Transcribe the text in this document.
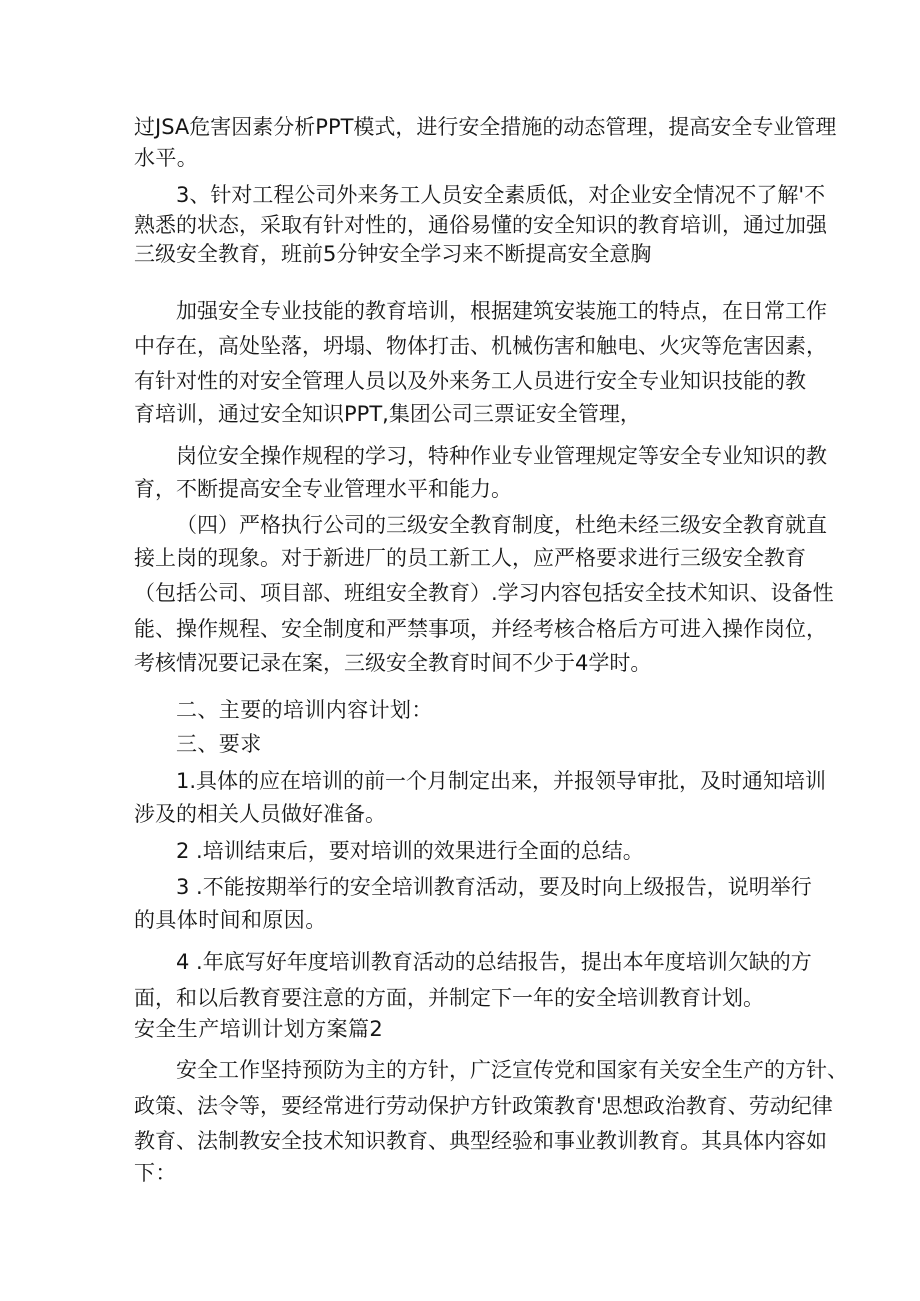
过JSA危害因素分析PPT模式，进行安全措施的动态管理，提高安全专业管理
水平。
3、针对工程公司外来务工人员安全素质低，对企业安全情况不了解'不
熟悉的状态，采取有针对性的，通俗易懂的安全知识的教育培训，通过加强
三级安全教育，班前5分钟安全学习来不断提高安全意胸
加强安全专业技能的教育培训，根据建筑安装施工的特点，在日常工作
中存在，高处坠落，坍塌、物体打击、机械伤害和触电、火灾等危害因素，
有针对性的对安全管理人员以及外来务工人员进行安全专业知识技能的教
育培训，通过安全知识PPT,集团公司三票证安全管理，
岗位安全操作规程的学习，特种作业专业管理规定等安全专业知识的教
育，不断提高安全专业管理水平和能力。
（四）严格执行公司的三级安全教育制度，杜绝未经三级安全教育就直
接上岗的现象。对于新进厂的员工新工人，应严格要求进行三级安全教育
（包括公司、项目部、班组安全教育）.学习内容包括安全技术知识、设备性
能、操作规程、安全制度和严禁事项，并经考核合格后方可进入操作岗位，
考核情况要记录在案，三级安全教育时间不少于4学时。
二、主要的培训内容计划：
三、要求
1.具体的应在培训的前一个月制定出来，并报领导审批，及时通知培训
涉及的相关人员做好准备。
2 .培训结束后，要对培训的效果进行全面的总结。
3 .不能按期举行的安全培训教育活动，要及时向上级报告，说明举行
的具体时间和原因。
4 .年底写好年度培训教育活动的总结报告，提出本年度培训欠缺的方
面，和以后教育要注意的方面，并制定下一年的安全培训教育计划。
安全生产培训计划方案篇2
安全工作坚持预防为主的方针，广泛宣传党和国家有关安全生产的方针、
政策、法令等，要经常进行劳动保护方针政策教育'思想政治教育、劳动纪律
教育、法制教安全技术知识教育、典型经验和事业教训教育。其具体内容如
下：
